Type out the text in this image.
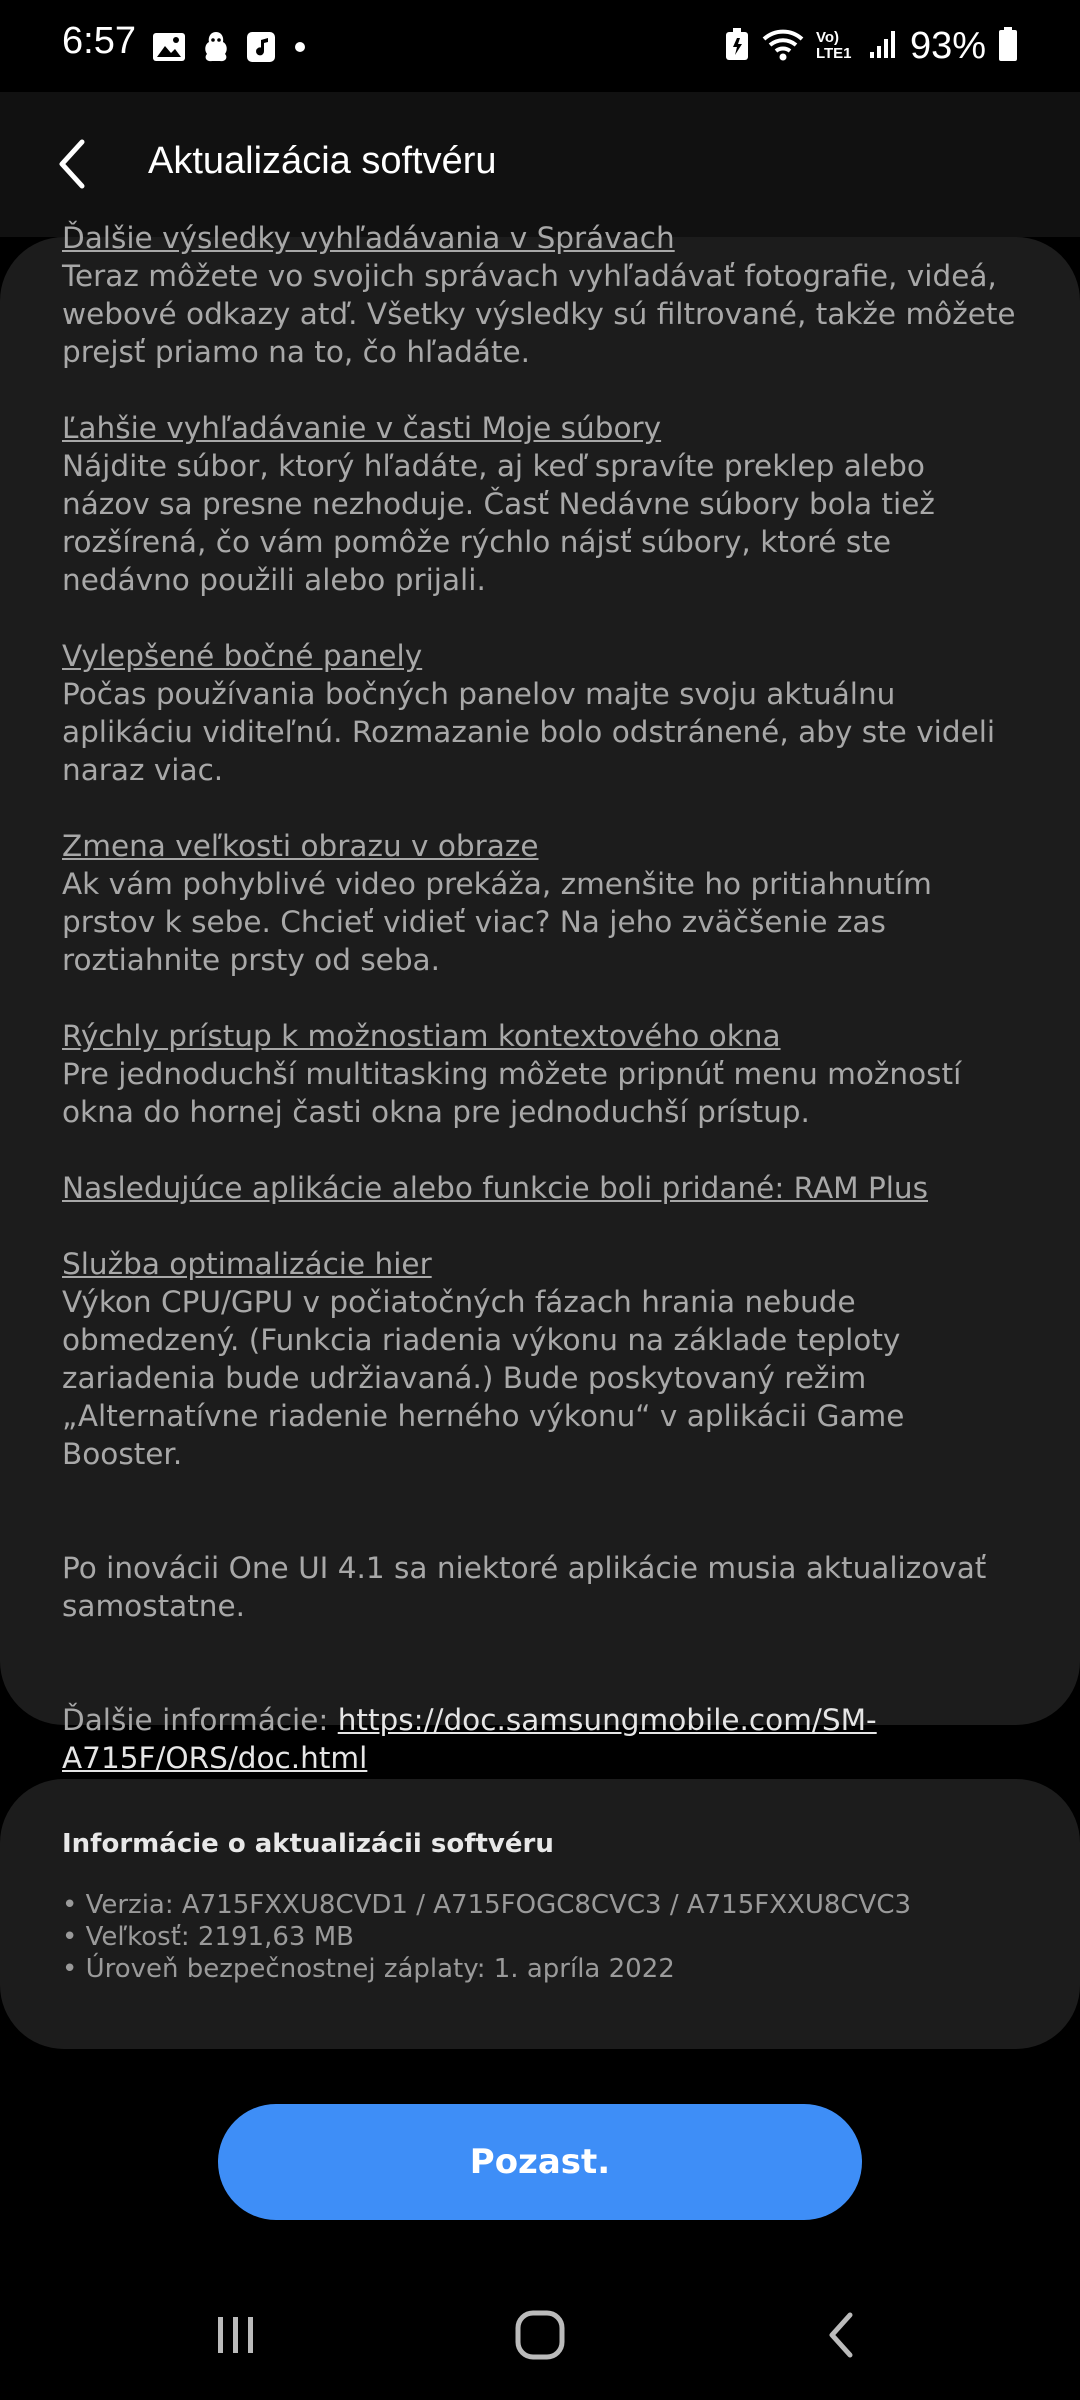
6:57	Vo) LTE1 93%
Aktualizácia softvéru
Ďalšie výsledky vyhľadávania v Správach
Teraz môžete vo svojich správach vyhľadávať fotografie, videá, webové odkazy atď. Všetky výsledky sú filtrované, takže môžete prejsť priamo na to, čo hľadáte.
Ľahšie vyhľadávanie v časti Moje súbory
Nájdite súbor, ktorý hľadáte, aj keď spravíte preklep alebo názov sa presne nezhoduje. Časť Nedávne súbory bola tiež rozšírená, čo vám pomôže rýchlo nájsť súbory, ktoré ste nedávno použili alebo prijali.
Vylepšené bočné panely
Počas používania bočných panelov majte svoju aktuálnu aplikáciu viditeľnú. Rozmazanie bolo odstránené, aby ste videli naraz viac.
Zmena veľkosti obrazu v obraze
Ak vám pohyblivé video prekáža, zmenšite ho pritiahnutím prstov k sebe. Chcieť vidieť viac? Na jeho zväčšenie zas roztiahnite prsty od seba.
Rýchly prístup k možnostiam kontextového okna
Pre jednoduchší multitasking môžete pripnúť menu možností okna do hornej časti okna pre jednoduchší prístup.
Nasledujúce aplikácie alebo funkcie boli pridané: RAM Plus
Služba optimalizácie hier
Výkon CPU/GPU v počiatočných fázach hrania nebude obmedzený. (Funkcia riadenia výkonu na základe teploty zariadenia bude udržiavaná.) Bude poskytovaný režim „Alternatívne riadenie herného výkonu“ v aplikácii Game Booster.
Po inovácii One UI 4.1 sa niektoré aplikácie musia aktualizovať samostatne.
Ďalšie informácie: https://doc.samsungmobile.com/SM-A715F/ORS/doc.html
Informácie o aktualizácii softvéru
• Verzia: A715FXXU8CVD1 / A715FOGC8CVC3 / A715FXXU8CVC3
• Veľkosť: 2191,63 MB
• Úroveň bezpečnostnej záplaty: 1. apríla 2022
Pozast.
